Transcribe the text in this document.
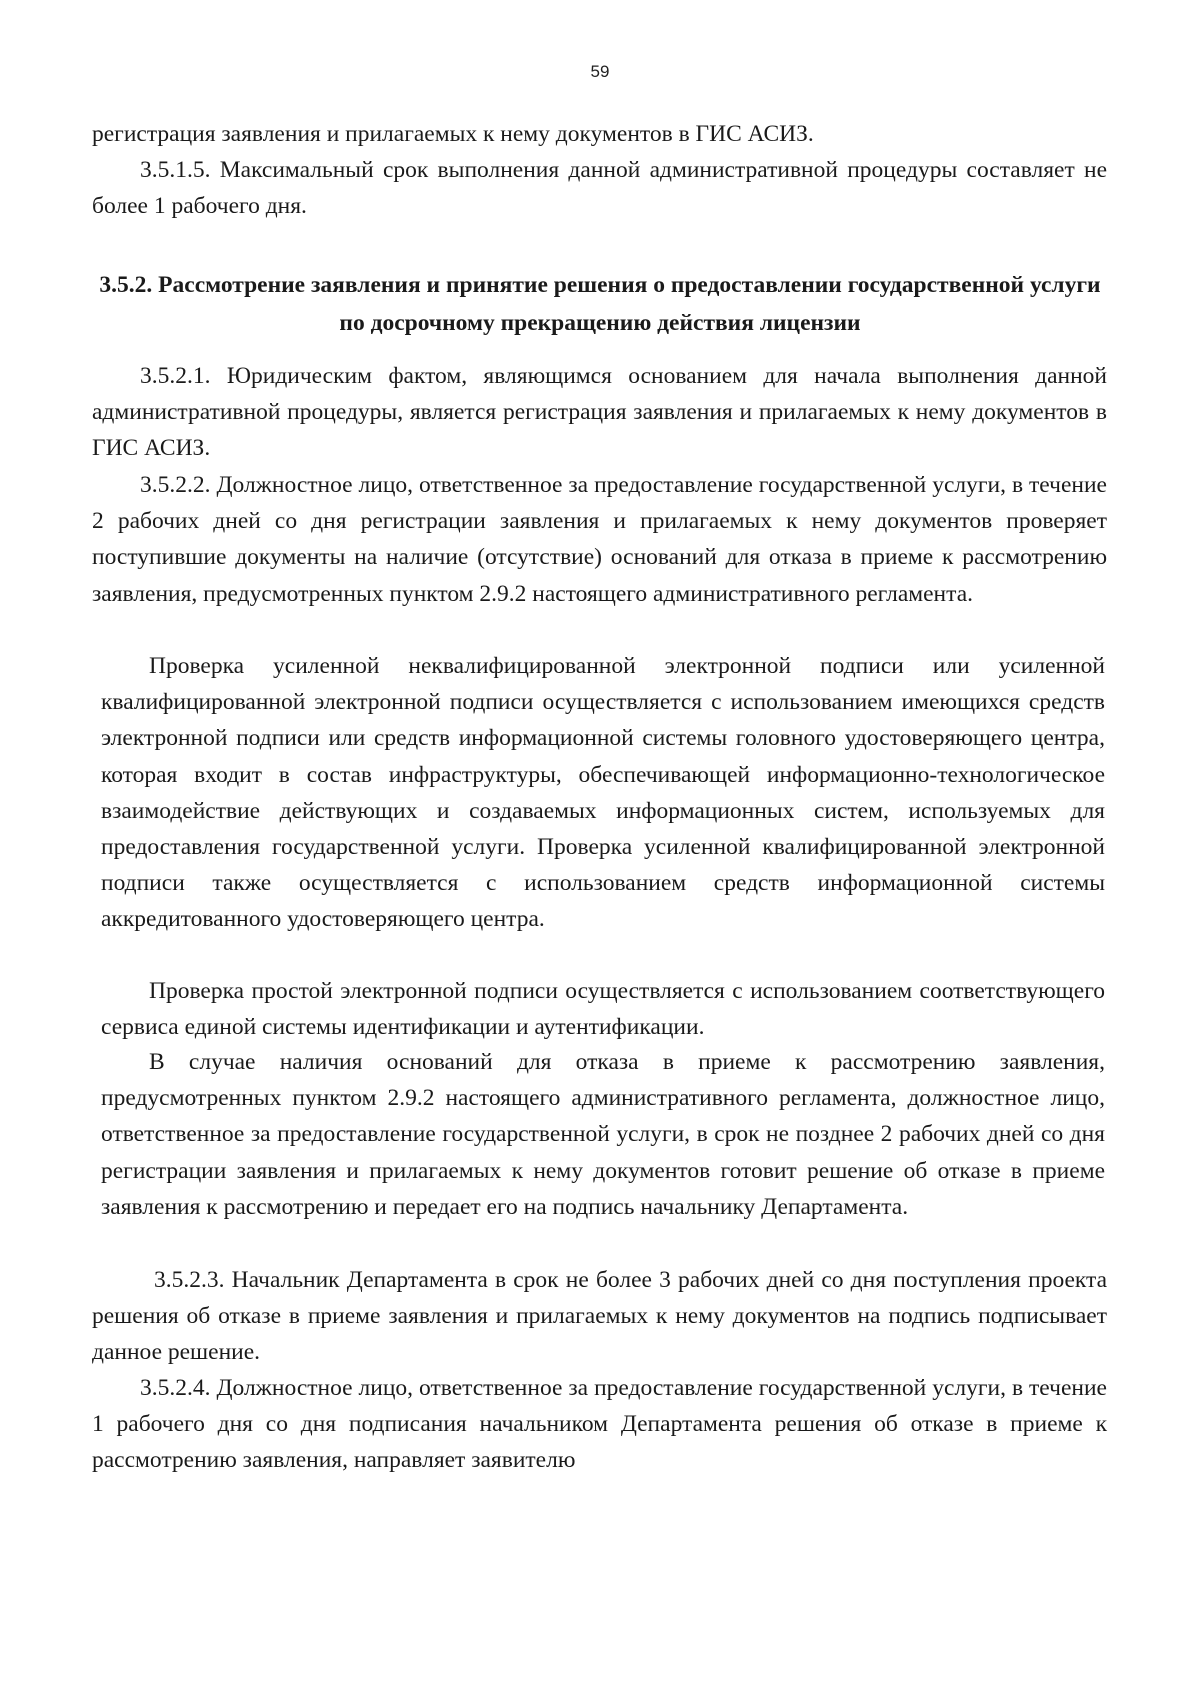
59

регистрация заявления и прилагаемых к нему документов в ГИС АСИЗ.

3.5.1.5. Максимальный срок выполнения данной административной процедуры составляет не более 1 рабочего дня.

3.5.2. Рассмотрение заявления и принятие решения о предоставлении государственной услуги по досрочному прекращению действия лицензии

3.5.2.1. Юридическим фактом, являющимся основанием для начала выполнения данной административной процедуры, является регистрация заявления и прилагаемых к нему документов в ГИС АСИЗ.

3.5.2.2. Должностное лицо, ответственное за предоставление государственной услуги, в течение 2 рабочих дней со дня регистрации заявления и прилагаемых к нему документов проверяет поступившие документы на наличие (отсутствие) оснований для отказа в приеме к рассмотрению заявления, предусмотренных пунктом 2.9.2 настоящего административного регламента.

Проверка усиленной неквалифицированной электронной подписи или усиленной квалифицированной электронной подписи осуществляется с использованием имеющихся средств электронной подписи или средств информационной системы головного удостоверяющего центра, которая входит в состав инфраструктуры, обеспечивающей информационно-технологическое взаимодействие действующих и создаваемых информационных систем, используемых для предоставления государственной услуги. Проверка усиленной квалифицированной электронной подписи также осуществляется с использованием средств информационной системы аккредитованного удостоверяющего центра.

Проверка простой электронной подписи осуществляется с использованием соответствующего сервиса единой системы идентификации и аутентификации.

В случае наличия оснований для отказа в приеме к рассмотрению заявления, предусмотренных пунктом 2.9.2 настоящего административного регламента, должностное лицо, ответственное за предоставление государственной услуги, в срок не позднее 2 рабочих дней со дня регистрации заявления и прилагаемых к нему документов готовит решение об отказе в приеме заявления к рассмотрению и передает его на подпись начальнику Департамента.

3.5.2.3. Начальник Департамента в срок не более 3 рабочих дней со дня поступления проекта решения об отказе в приеме заявления и прилагаемых к нему документов на подпись подписывает данное решение.

3.5.2.4. Должностное лицо, ответственное за предоставление государственной услуги, в течение 1 рабочего дня со дня подписания начальником Департамента решения об отказе в приеме к рассмотрению заявления, направляет заявителю
